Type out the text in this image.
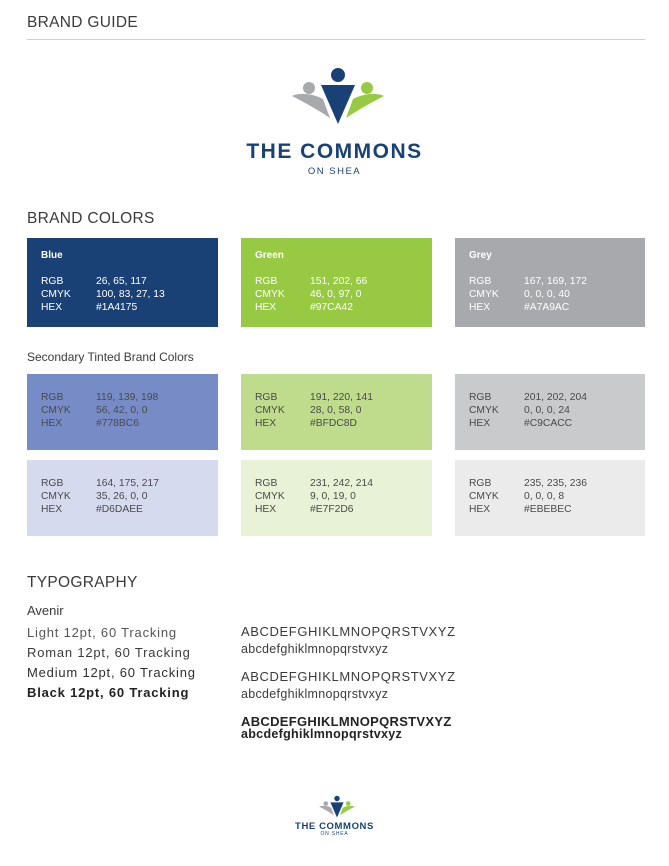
BRAND GUIDE
THE COMMONS
ON SHEA
BRAND COLORS
Blue
RGB	26, 65, 117
CMYK	100, 83, 27, 13
HEX	#1A4175
Green
RGB	151, 202, 66
CMYK	46, 0, 97, 0
HEX	#97CA42
Grey
RGB	167, 169, 172
CMYK	0, 0, 0, 40
HEX	#A7A9AC
Secondary Tinted Brand Colors
RGB	119, 139, 198
CMYK	56, 42, 0, 0
HEX	#778BC6
RGB	191, 220, 141
CMYK	28, 0, 58, 0
HEX	#BFDC8D
RGB	201, 202, 204
CMYK	0, 0, 0, 24
HEX	#C9CACC
RGB	164, 175, 217
CMYK	35, 26, 0, 0
HEX	#D6DAEE
RGB	231, 242, 214
CMYK	9, 0, 19, 0
HEX	#E7F2D6
RGB	235, 235, 236
CMYK	0, 0, 0, 8
HEX	#EBEBEC
TYPOGRAPHY
Avenir
Light 12pt, 60 Tracking
Roman 12pt, 60 Tracking
Medium 12pt, 60 Tracking
Black 12pt, 60 Tracking
ABCDEFGHIKLMNOPQRSTVXYZ
abcdefghiklmnopqrstvxyz
ABCDEFGHIKLMNOPQRSTVXYZ
abcdefghiklmnopqrstvxyz
ABCDEFGHIKLMNOPQRSTVXYZ
abcdefghiklmnopqrstvxyz
THE COMMONS
ON SHEA
